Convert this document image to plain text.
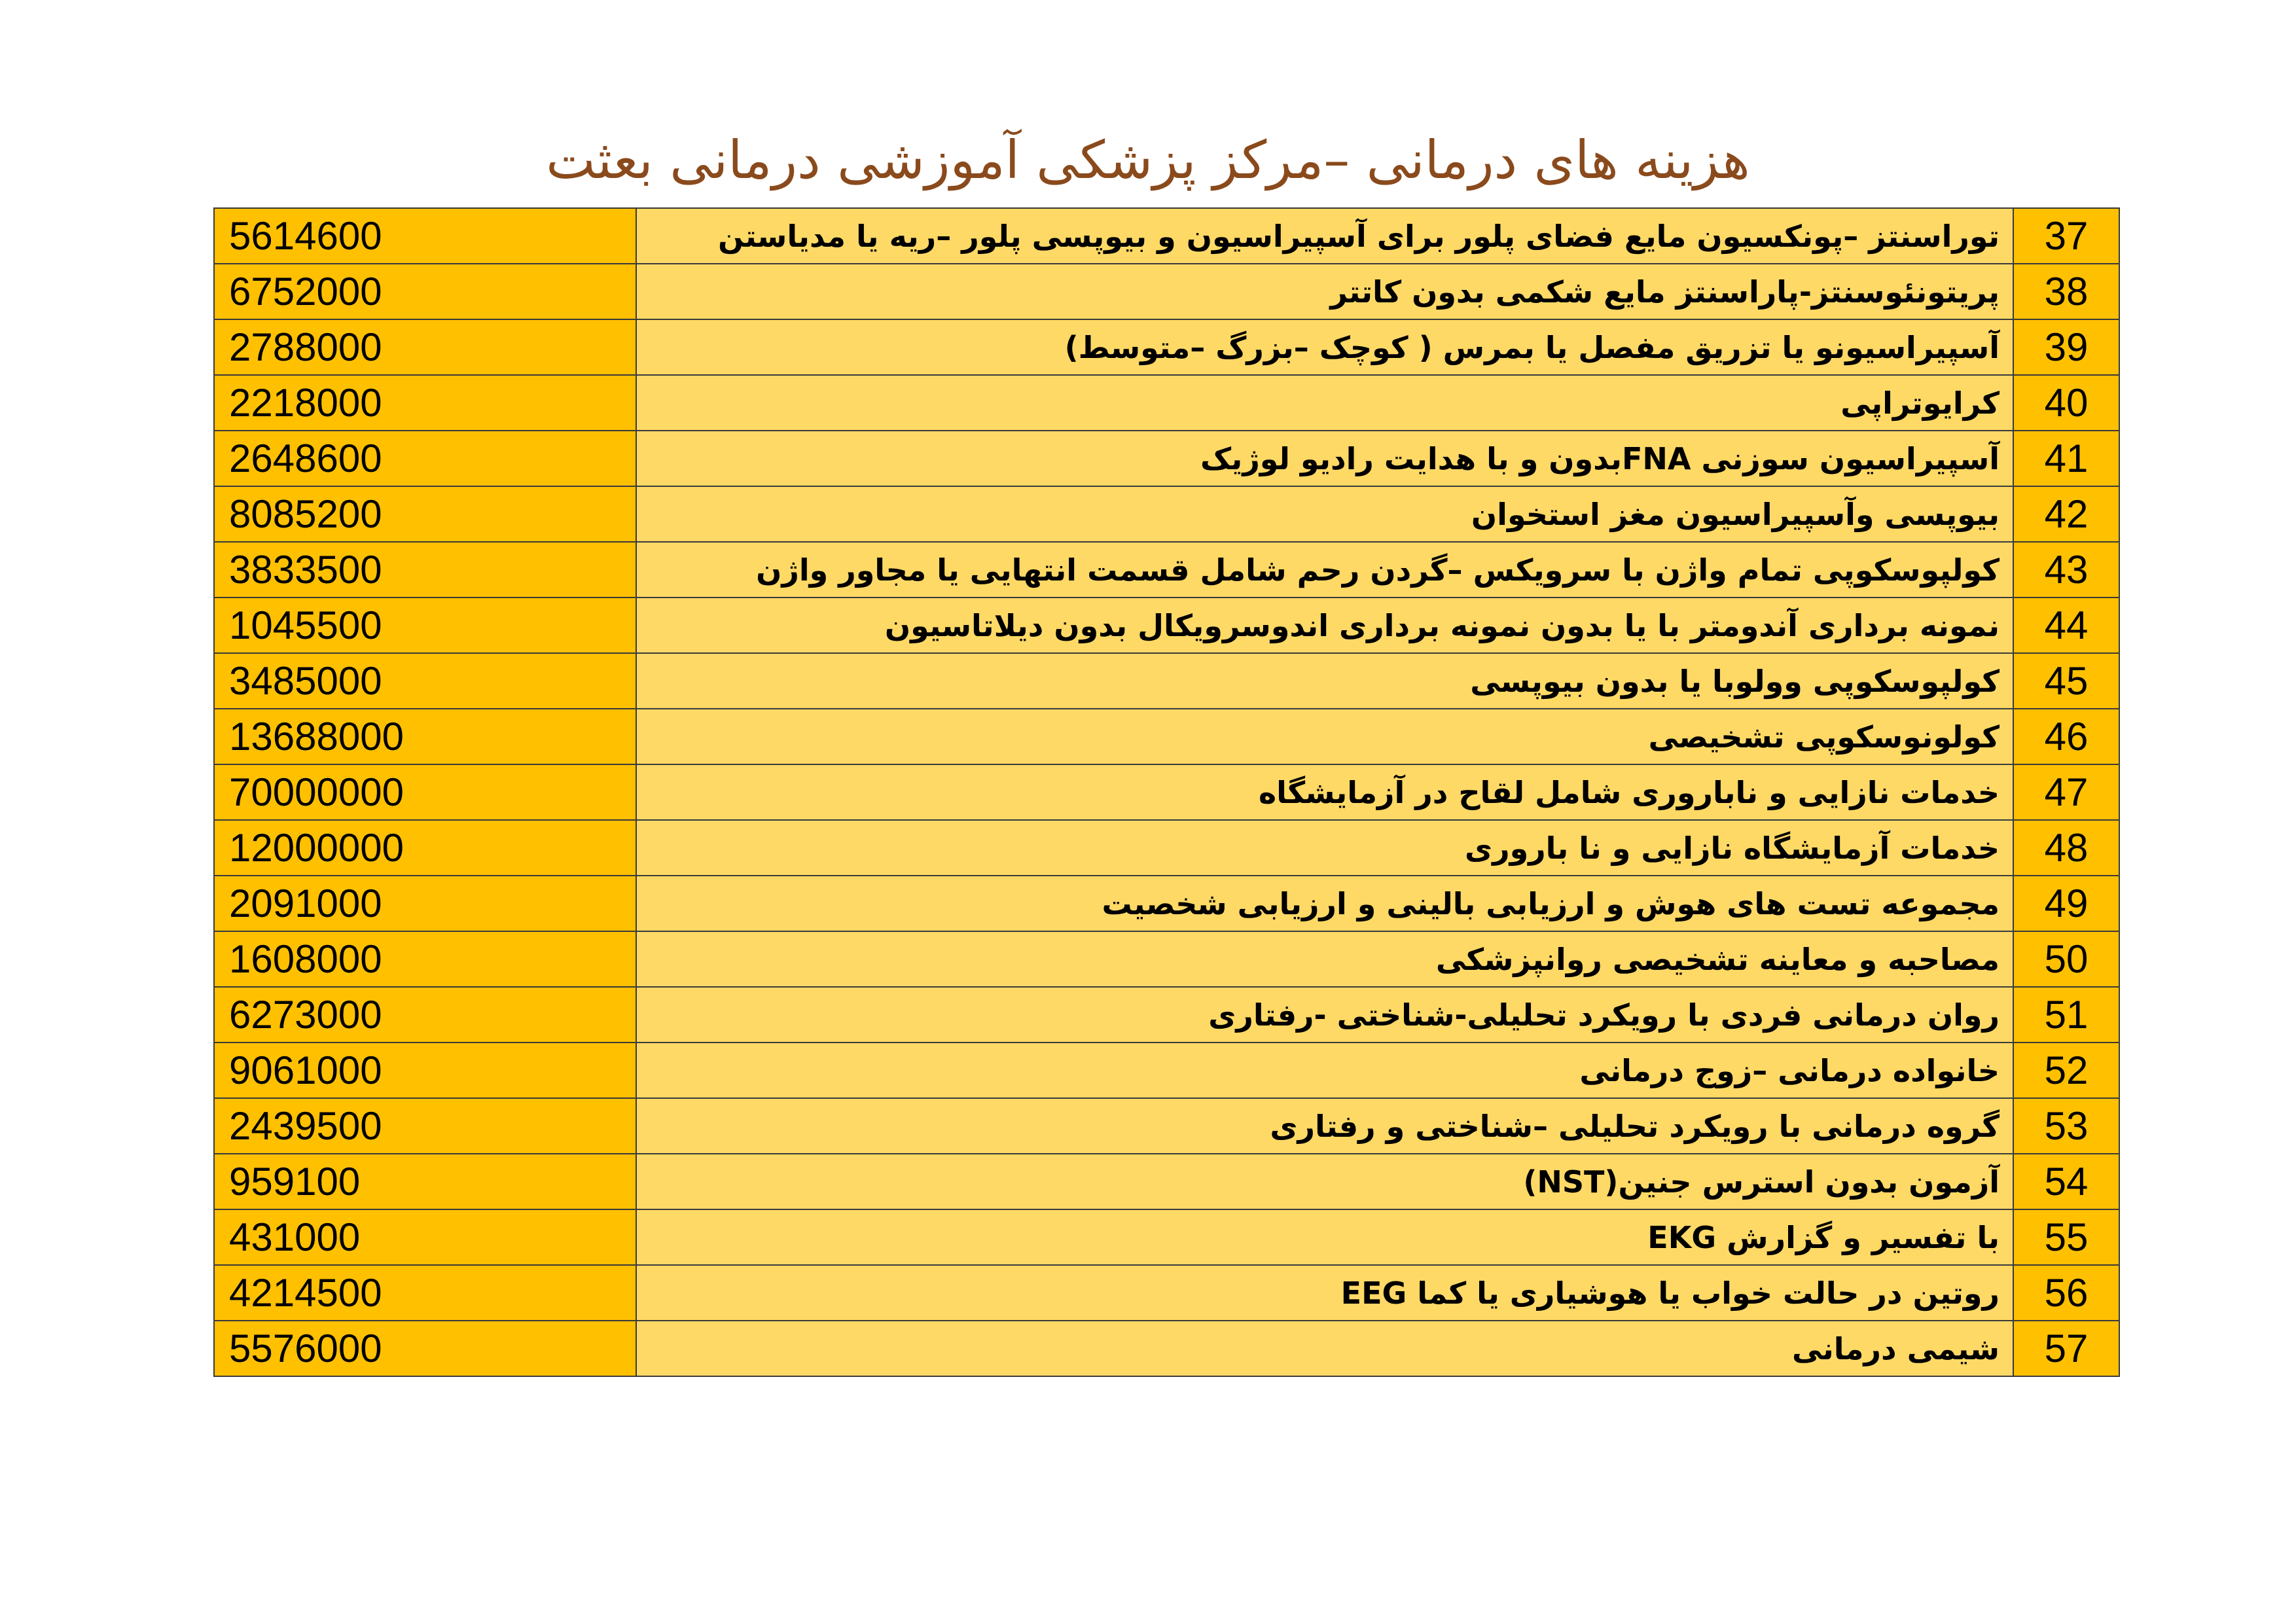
هزینه های درمانی –مرکز پزشکی آموزشی درمانی بعثت
5614600	توراسنتز –پونکسیون مایع فضای پلور برای آسپیراسیون و بیوپسی پلور –ریه یا مدیاستن	37
6752000	پریتونئوسنتز-پاراسنتز مایع شکمی بدون کاتتر	38
2788000	آسپیراسیونو یا تزریق مفصل یا بمرس ( کوچک –بزرگ –متوسط)	39
2218000	کرایوتراپی	40
2648600	آسپیراسیون سوزنی FNAبدون و با هدایت رادیو لوژیک	41
8085200	بیوپسی وآسپیراسیون مغز استخوان	42
3833500	کولپوسکوپی تمام واژن با سرویکس –گردن رحم شامل قسمت انتهایی یا مجاور واژن	43
1045500	نمونه برداری آندومتر با یا بدون نمونه برداری اندوسرویکال بدون دیلاتاسیون	44
3485000	کولپوسکوپی وولوبا یا بدون بیوپسی	45
13688000	کولونوسکوپی تشخیصی	46
70000000	خدمات نازایی و ناباروری شامل لقاح در آزمایشگاه	47
12000000	خدمات آزمایشگاه نازایی و نا باروری	48
2091000	مجموعه تست های هوش و ارزیابی بالینی و ارزیابی شخصیت	49
1608000	مصاحبه و معاینه تشخیصی روانپزشکی	50
6273000	روان درمانی فردی با رویکرد تحلیلی-شناختی -رفتاری	51
9061000	خانواده درمانی –زوج درمانی	52
2439500	گروه درمانی با رویکرد تحلیلی –شناختی و رفتاری	53
959100	آزمون بدون استرس جنین(NST)	54
431000	با تفسیر و گزارش EKG	55
4214500	روتین در حالت خواب یا هوشیاری یا کما EEG	56
5576000	شیمی درمانی	57
